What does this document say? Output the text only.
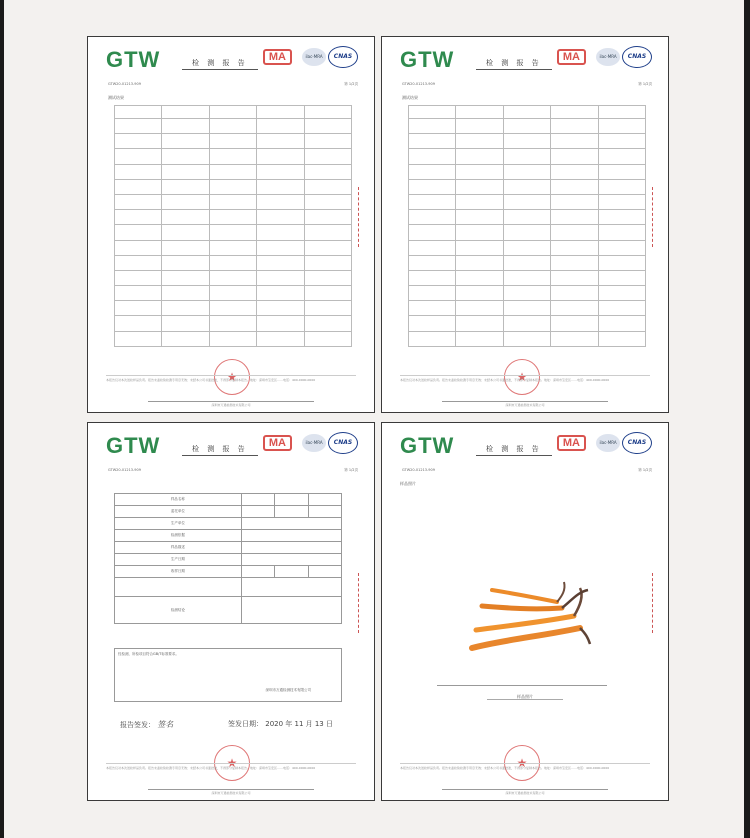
GTW	检 测 报 告	MA	ilac-MRA	CNAS
GTW20-01213-909	第 1/2页
测试结果

★
本报告仅对本次送检样品负责。报告未盖检验检测专用章无效；未经本公司书面批准，不得部分复制本报告。地址：深圳市宝安区……电话：400-0000-0000
深圳市万通检测技术有限公司
GTW	检 测 报 告	MA	ilac-MRA	CNAS
GTW20-01213-909	第 1/2页
测试结果

★
本报告仅对本次送检样品负责。报告未盖检验检测专用章无效；未经本公司书面批准，不得部分复制本报告。地址：深圳市宝安区……电话：400-0000-0000
深圳市万通检测技术有限公司
GTW	检 测 报 告	MA	ilac-MRA	CNAS
GTW20-01213-909	第 1/2页
样品名称			
委托单位			
生产单位			
检测依据			
样品描述			
生产日期			
收样日期			

检测结论			
经检测，所检项目符合GB/T标准要求。
深圳市万通检测技术有限公司
报告签发： 签名	签发日期： 2020 年 11 月 13 日
★
本报告仅对本次送检样品负责。报告未盖检验检测专用章无效；未经本公司书面批准，不得部分复制本报告。地址：深圳市宝安区……电话：400-0000-0000
深圳市万通检测技术有限公司
GTW	检 测 报 告	MA	ilac-MRA	CNAS
GTW20-01213-909	第 1/2页
样品照片
样品照片
★
本报告仅对本次送检样品负责。报告未盖检验检测专用章无效；未经本公司书面批准，不得部分复制本报告。地址：深圳市宝安区……电话：400-0000-0000
深圳市万通检测技术有限公司
